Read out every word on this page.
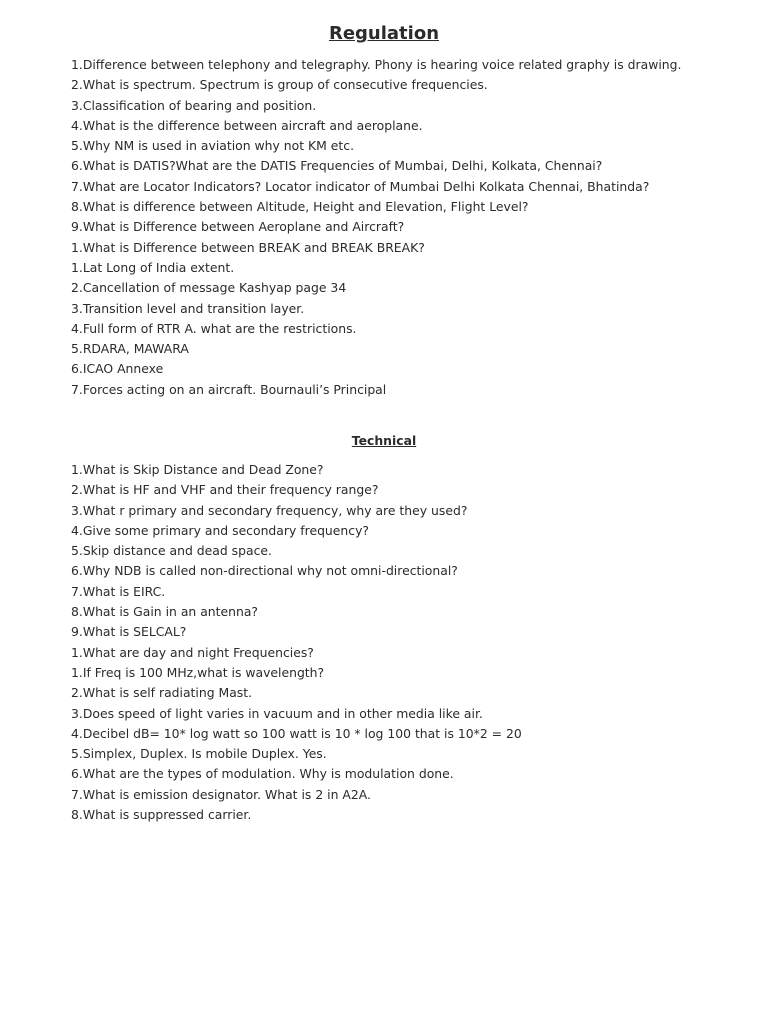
Regulation
1.Difference between telephony and telegraphy. Phony is hearing voice related graphy is drawing.
2.What is spectrum. Spectrum is group of consecutive frequencies.
3.Classification of bearing and position.
4.What is the difference between aircraft and aeroplane.
5.Why NM is used in aviation why not KM etc.
6.What is DATIS?What are the DATIS Frequencies of Mumbai, Delhi, Kolkata, Chennai?
7.What are Locator Indicators? Locator indicator of Mumbai Delhi Kolkata Chennai, Bhatinda?
8.What is difference between Altitude, Height and Elevation, Flight Level?
9.What is Difference between Aeroplane and Aircraft?
1.What is Difference between BREAK and BREAK BREAK?
1.Lat Long of India extent.
2.Cancellation of message Kashyap page 34
3.Transition level and transition layer.
4.Full form of RTR A. what are the restrictions.
5.RDARA, MAWARA
6.ICAO Annexe
7.Forces acting on an aircraft. Bournauli’s Principal
Technical
1.What is Skip Distance and Dead Zone?
2.What is HF and VHF and their frequency range?
3.What r primary and secondary frequency, why are they used?
4.Give some primary and secondary frequency?
5.Skip distance and dead space.
6.Why NDB is called non-directional why not omni-directional?
7.What is EIRC.
8.What is Gain in an antenna?
9.What is SELCAL?
1.What are day and night Frequencies?
1.If Freq is 100 MHz,what is wavelength?
2.What is self radiating Mast.
3.Does speed of light varies in vacuum and in other media like air.
4.Decibel dB= 10* log watt so 100 watt is 10 * log 100 that is 10*2 = 20
5.Simplex, Duplex. Is mobile Duplex. Yes.
6.What are the types of modulation. Why is modulation done.
7.What is emission designator. What is 2 in A2A.
8.What is suppressed carrier.
